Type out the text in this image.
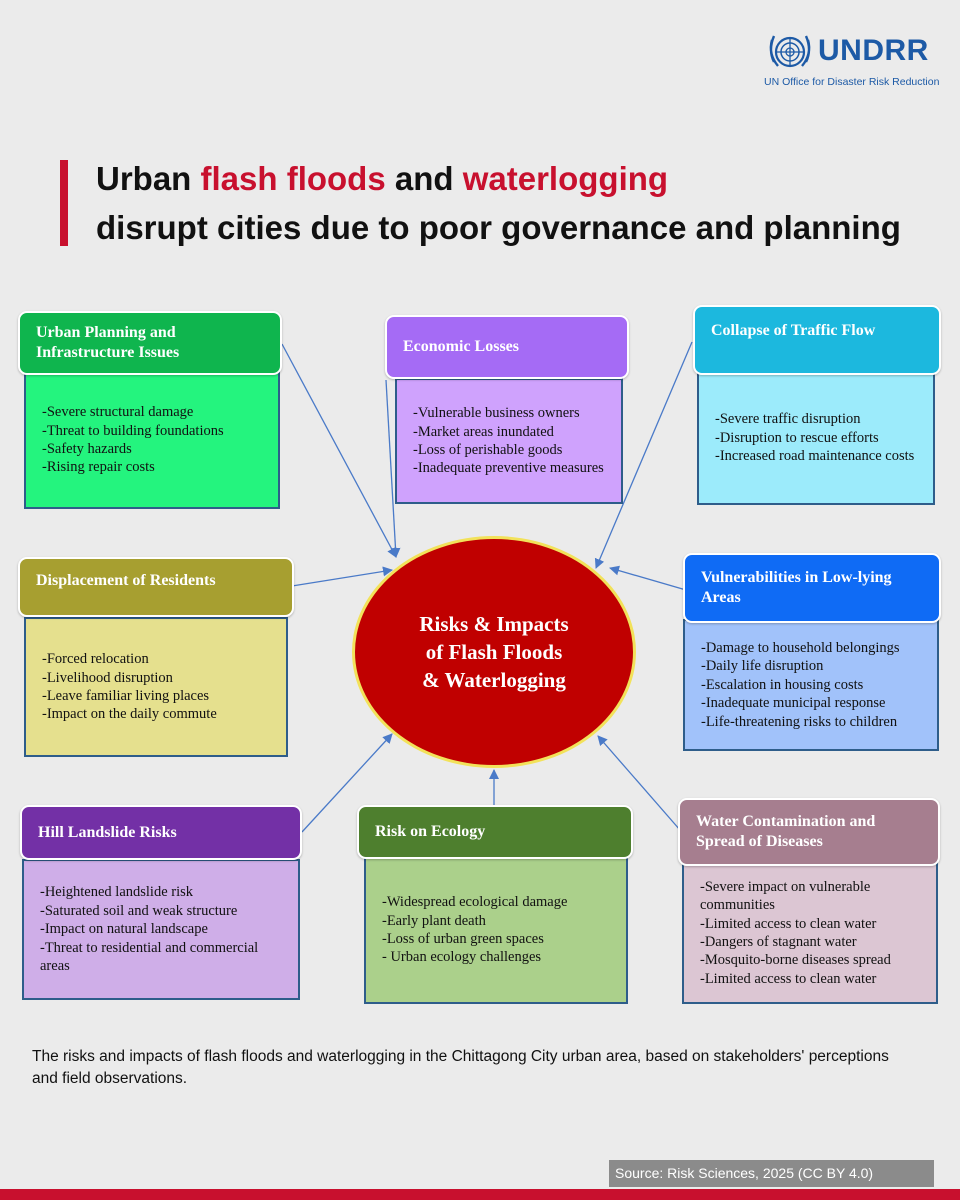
UNDRR
UN Office for Disaster Risk Reduction
Urban flash floods and waterlogging
disrupt cities due to poor governance and planning
Risks & Impacts
of Flash Floods
& Waterlogging
-Severe structural damage
-Threat to building foundations
-Safety hazards
-Rising repair costs
Urban Planning and
Infrastructure Issues
-Vulnerable business owners
-Market areas inundated
-Loss of perishable goods
-Inadequate preventive measures
Economic Losses
-Severe traffic disruption
-Disruption to rescue efforts
-Increased road maintenance costs
Collapse of Traffic Flow
-Forced relocation
-Livelihood disruption
-Leave familiar living places
-Impact on the daily commute
Displacement of Residents
-Damage to household belongings
-Daily life disruption
-Escalation in housing costs
-Inadequate municipal response
-Life-threatening risks to children
Vulnerabilities in Low-lying
Areas
-Heightened landslide risk
-Saturated soil and weak structure
-Impact on natural landscape
-Threat to residential and commercial areas
Hill Landslide Risks
-Widespread ecological damage
-Early plant death
-Loss of urban green spaces
- Urban ecology challenges
Risk on Ecology
-Severe impact on vulnerable communities
-Limited access to clean water
-Dangers of stagnant water
-Mosquito-borne diseases spread
-Limited access to clean water
Water Contamination and
Spread of Diseases
The risks and impacts of flash floods and waterlogging in the Chittagong City urban area, based on stakeholders' perceptions and field observations.
Source: Risk Sciences, 2025 (CC BY 4.0)
